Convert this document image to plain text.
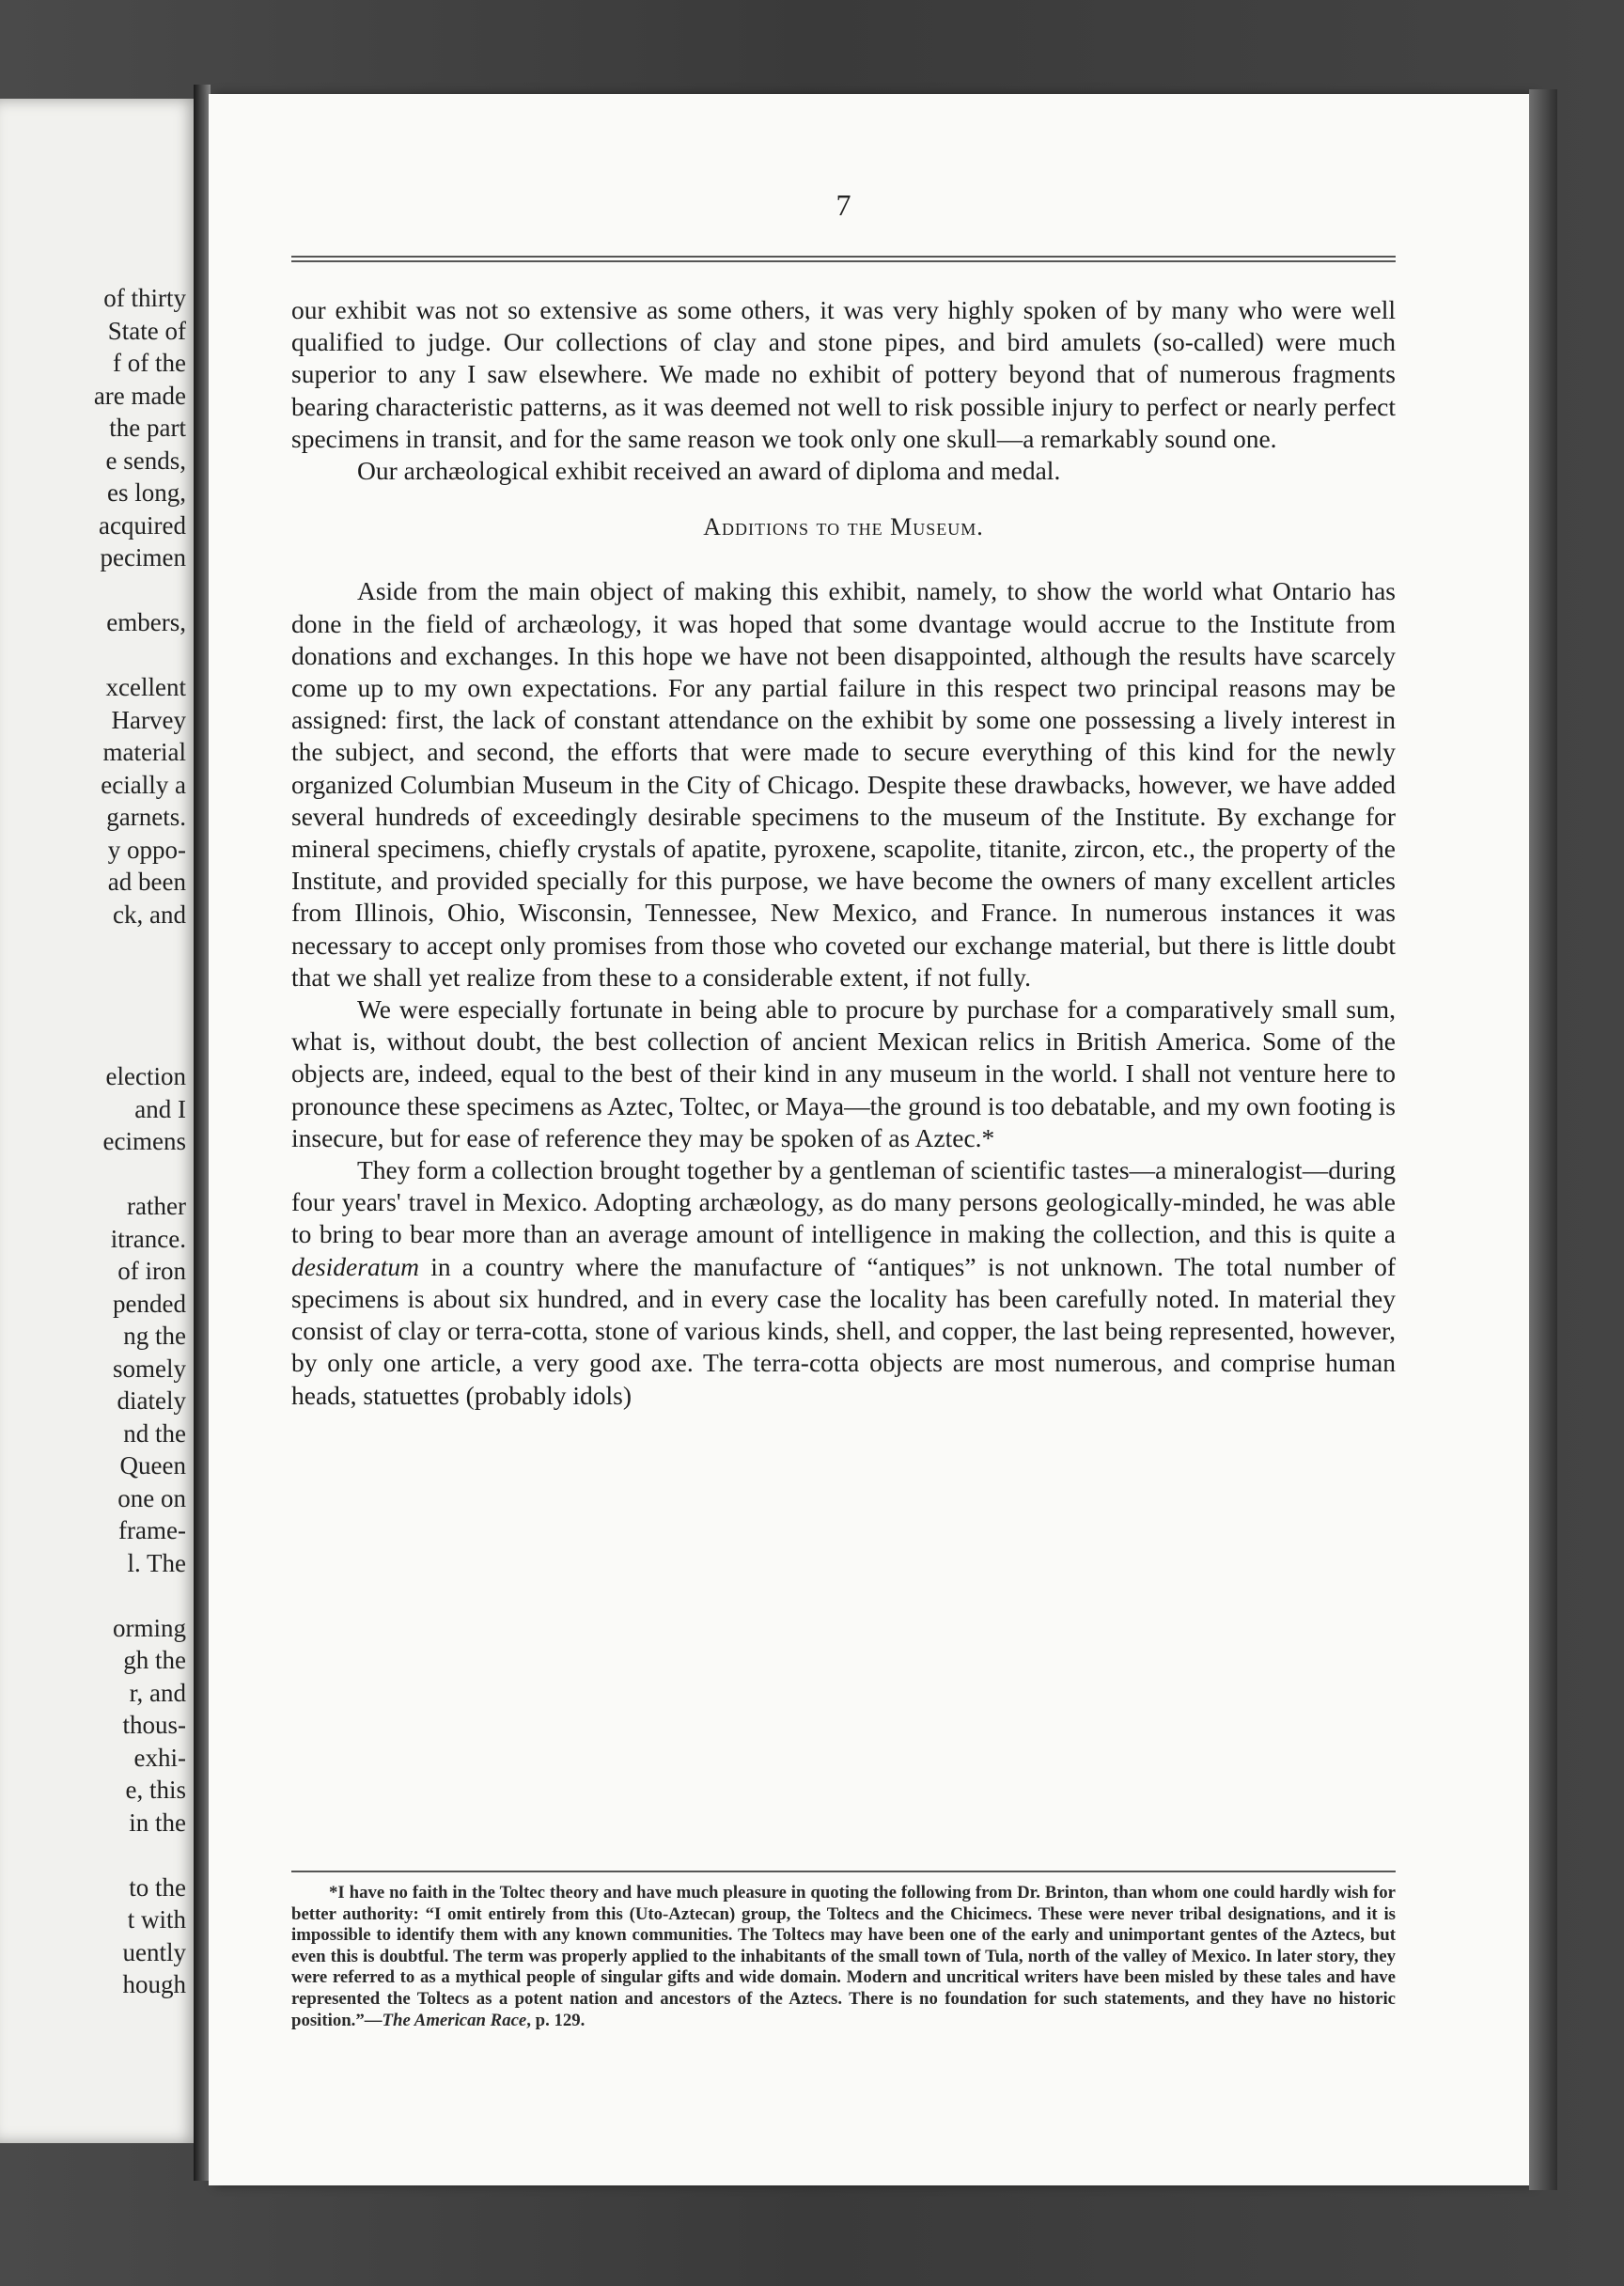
of thirty
State of
f of the
are made
the part
e sends,
es long,
acquired
pecimen
embers,
xcellent
Harvey
material
ecially a
garnets.
y oppo-
ad been
ck, and
election
and I
ecimens
rather
itrance.
of iron
pended
ng the
somely
diately
nd the
Queen
one on
frame-
l. The
orming
gh the
r, and
thous-
exhi-
e, this
in the
to the
t with
uently
hough
7

our exhibit was not so extensive as some others, it was very highly spoken of by many who were well qualified to judge. Our collections of clay and stone pipes, and bird amulets (so-called) were much superior to any I saw elsewhere. We made no exhibit of pottery beyond that of numerous fragments bearing characteristic patterns, as it was deemed not well to risk possible injury to perfect or nearly perfect specimens in transit, and for the same reason we took only one skull—a remarkably sound one.

Our archæological exhibit received an award of diploma and medal.

Additions to the Museum.

Aside from the main object of making this exhibit, namely, to show the world what Ontario has done in the field of archæology, it was hoped that some dvantage would accrue to the Institute from donations and exchanges. In this hope we have not been disappointed, although the results have scarcely come up to my own expectations. For any partial failure in this respect two principal reasons may be assigned: first, the lack of constant attendance on the exhibit by some one possessing a lively interest in the subject, and second, the efforts that were made to secure everything of this kind for the newly organized Columbian Museum in the City of Chicago. Despite these drawbacks, however, we have added several hundreds of exceedingly desirable specimens to the museum of the Institute. By exchange for mineral specimens, chiefly crystals of apatite, pyroxene, scapolite, titanite, zircon, etc., the property of the Institute, and provided specially for this purpose, we have become the owners of many excellent articles from Illinois, Ohio, Wisconsin, Tennessee, New Mexico, and France. In numerous instances it was necessary to accept only promises from those who coveted our exchange material, but there is little doubt that we shall yet realize from these to a considerable extent, if not fully.

We were especially fortunate in being able to procure by purchase for a comparatively small sum, what is, without doubt, the best collection of ancient Mexican relics in British America. Some of the objects are, indeed, equal to the best of their kind in any museum in the world. I shall not venture here to pronounce these specimens as Aztec, Toltec, or Maya—the ground is too debatable, and my own footing is insecure, but for ease of reference they may be spoken of as Aztec.*

They form a collection brought together by a gentleman of scientific tastes—a mineralogist—during four years' travel in Mexico. Adopting archæology, as do many persons geologically-minded, he was able to bring to bear more than an average amount of intelligence in making the collection, and this is quite a desideratum in a country where the manufacture of “antiques” is not unknown. The total number of specimens is about six hundred, and in every case the locality has been carefully noted. In material they consist of clay or terra-cotta, stone of various kinds, shell, and copper, the last being represented, however, by only one article, a very good axe. The terra-cotta objects are most numerous, and comprise human heads, statuettes (probably idols)

*I have no faith in the Toltec theory and have much pleasure in quoting the following from Dr. Brinton, than whom one could hardly wish for better authority: “I omit entirely from this (Uto-Aztecan) group, the Toltecs and the Chicimecs. These were never tribal designations, and it is impossible to identify them with any known communities. The Toltecs may have been one of the early and unimportant gentes of the Aztecs, but even this is doubtful. The term was properly applied to the inhabitants of the small town of Tula, north of the valley of Mexico. In later story, they were referred to as a mythical people of singular gifts and wide domain. Modern and uncritical writers have been misled by these tales and have represented the Toltecs as a potent nation and ancestors of the Aztecs. There is no foundation for such statements, and they have no historic position.”—The American Race, p. 129.
